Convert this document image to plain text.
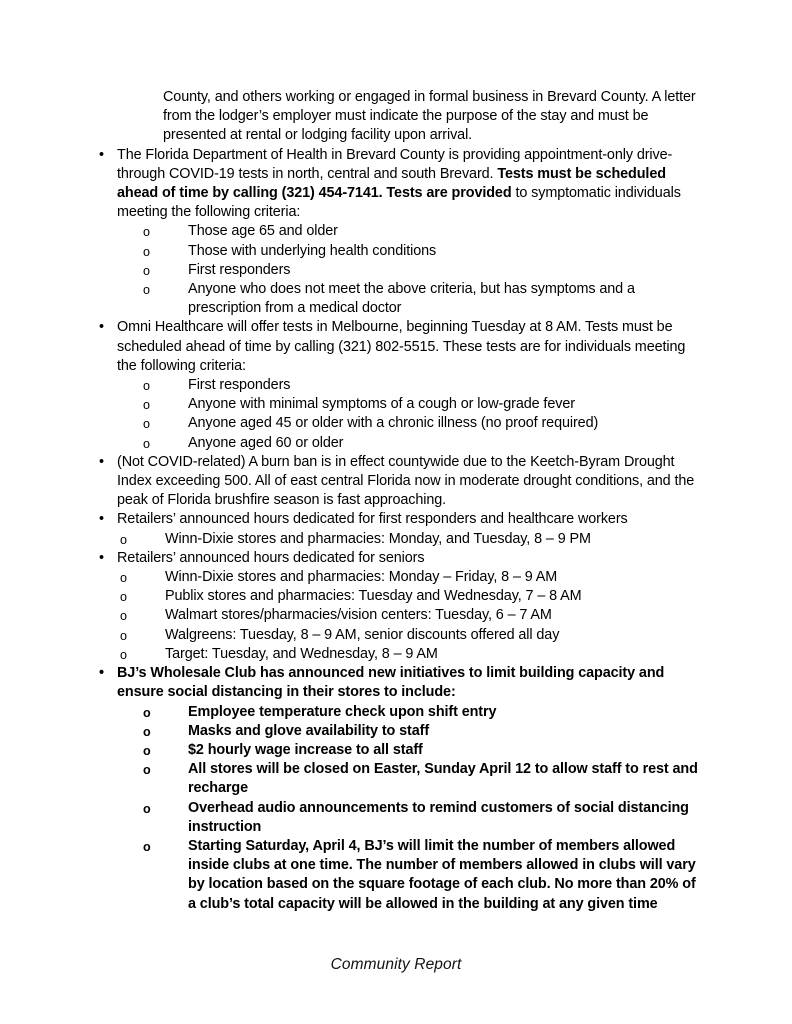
County, and others working or engaged in formal business in Brevard County. A letter from the lodger’s employer must indicate the purpose of the stay and must be presented at rental or lodging facility upon arrival.

• The Florida Department of Health in Brevard County is providing appointment-only drive-through COVID-19 tests in north, central and south Brevard. Tests must be scheduled ahead of time by calling (321) 454-7141. Tests are provided to symptomatic individuals meeting the following criteria:

o	Those age 65 and older

o	Those with underlying health conditions

o	First responders

o	Anyone who does not meet the above criteria, but has symptoms and a prescription from a medical doctor

• Omni Healthcare will offer tests in Melbourne, beginning Tuesday at 8 AM. Tests must be scheduled ahead of time by calling (321) 802-5515. These tests are for individuals meeting the following criteria:

o	First responders

o	Anyone with minimal symptoms of a cough or low-grade fever

o	Anyone aged 45 or older with a chronic illness (no proof required)

o	Anyone aged 60 or older

• (Not COVID-related) A burn ban is in effect countywide due to the Keetch-Byram Drought Index exceeding 500. All of east central Florida now in moderate drought conditions, and the peak of Florida brushfire season is fast approaching.

• Retailers’ announced hours dedicated for first responders and healthcare workers

o	Winn-Dixie stores and pharmacies: Monday, and Tuesday, 8 – 9 PM

• Retailers’ announced hours dedicated for seniors

o	Winn-Dixie stores and pharmacies: Monday – Friday, 8 – 9 AM

o	Publix stores and pharmacies: Tuesday and Wednesday, 7 – 8 AM

o	Walmart stores/pharmacies/vision centers: Tuesday, 6 – 7 AM

o	Walgreens: Tuesday, 8 – 9 AM, senior discounts offered all day

o	Target: Tuesday, and Wednesday, 8 – 9 AM

• BJ’s Wholesale Club has announced new initiatives to limit building capacity and ensure social distancing in their stores to include:

o	Employee temperature check upon shift entry

o	Masks and glove availability to staff

o	$2 hourly wage increase to all staff

o	All stores will be closed on Easter, Sunday April 12 to allow staff to rest and recharge

o	Overhead audio announcements to remind customers of social distancing instruction

o	Starting Saturday, April 4, BJ’s will limit the number of members allowed inside clubs at one time. The number of members allowed in clubs will vary by location based on the square footage of each club. No more than 20% of a club’s total capacity will be allowed in the building at any given time

Community Report
